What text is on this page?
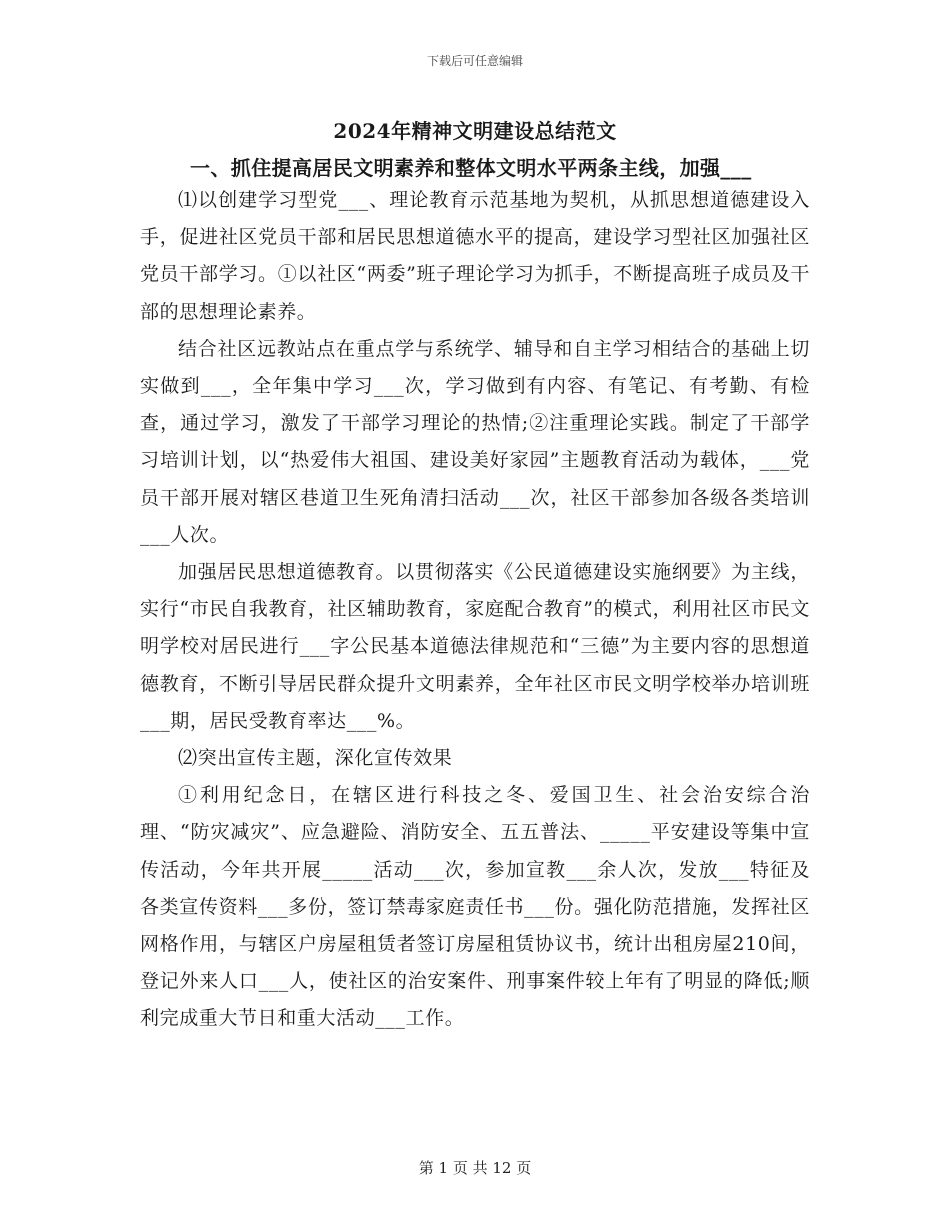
下载后可任意编辑
2024年精神文明建设总结范文
一、抓住提高居民文明素养和整体文明水平两条主线，加强___

⑴以创建学习型党___、理论教育示范基地为契机，从抓思想道德建设入手，促进社区党员干部和居民思想道德水平的提高，建设学习型社区加强社区党员干部学习。①以社区“两委”班子理论学习为抓手，不断提高班子成员及干部的思想理论素养。

结合社区远教站点在重点学与系统学、辅导和自主学习相结合的基础上切实做到___，全年集中学习___次，学习做到有内容、有笔记、有考勤、有检查，通过学习，激发了干部学习理论的热情;②注重理论实践。制定了干部学习培训计划，以“热爱伟大祖国、建设美好家园”主题教育活动为载体，___党员干部开展对辖区巷道卫生死角清扫活动___次，社区干部参加各级各类培训___人次。

加强居民思想道德教育。以贯彻落实《公民道德建设实施纲要》为主线，实行“市民自我教育，社区辅助教育，家庭配合教育”的模式，利用社区市民文明学校对居民进行___字公民基本道德法律规范和“三德”为主要内容的思想道德教育，不断引导居民群众提升文明素养，全年社区市民文明学校举办培训班___期，居民受教育率达___%。

⑵突出宣传主题，深化宣传效果

①利用纪念日，在辖区进行科技之冬、爱国卫生、社会治安综合治理、“防灾减灾”、应急避险、消防安全、五五普法、_____平安建设等集中宣传活动，今年共开展_____活动___次，参加宣教___余人次，发放___特征及各类宣传资料___多份，签订禁毒家庭责任书___份。强化防范措施，发挥社区网格作用，与辖区户房屋租赁者签订房屋租赁协议书，统计出租房屋210间，登记外来人口___人，使社区的治安案件、刑事案件较上年有了明显的降低;顺利完成重大节日和重大活动___工作。

第 1 页 共 12 页
